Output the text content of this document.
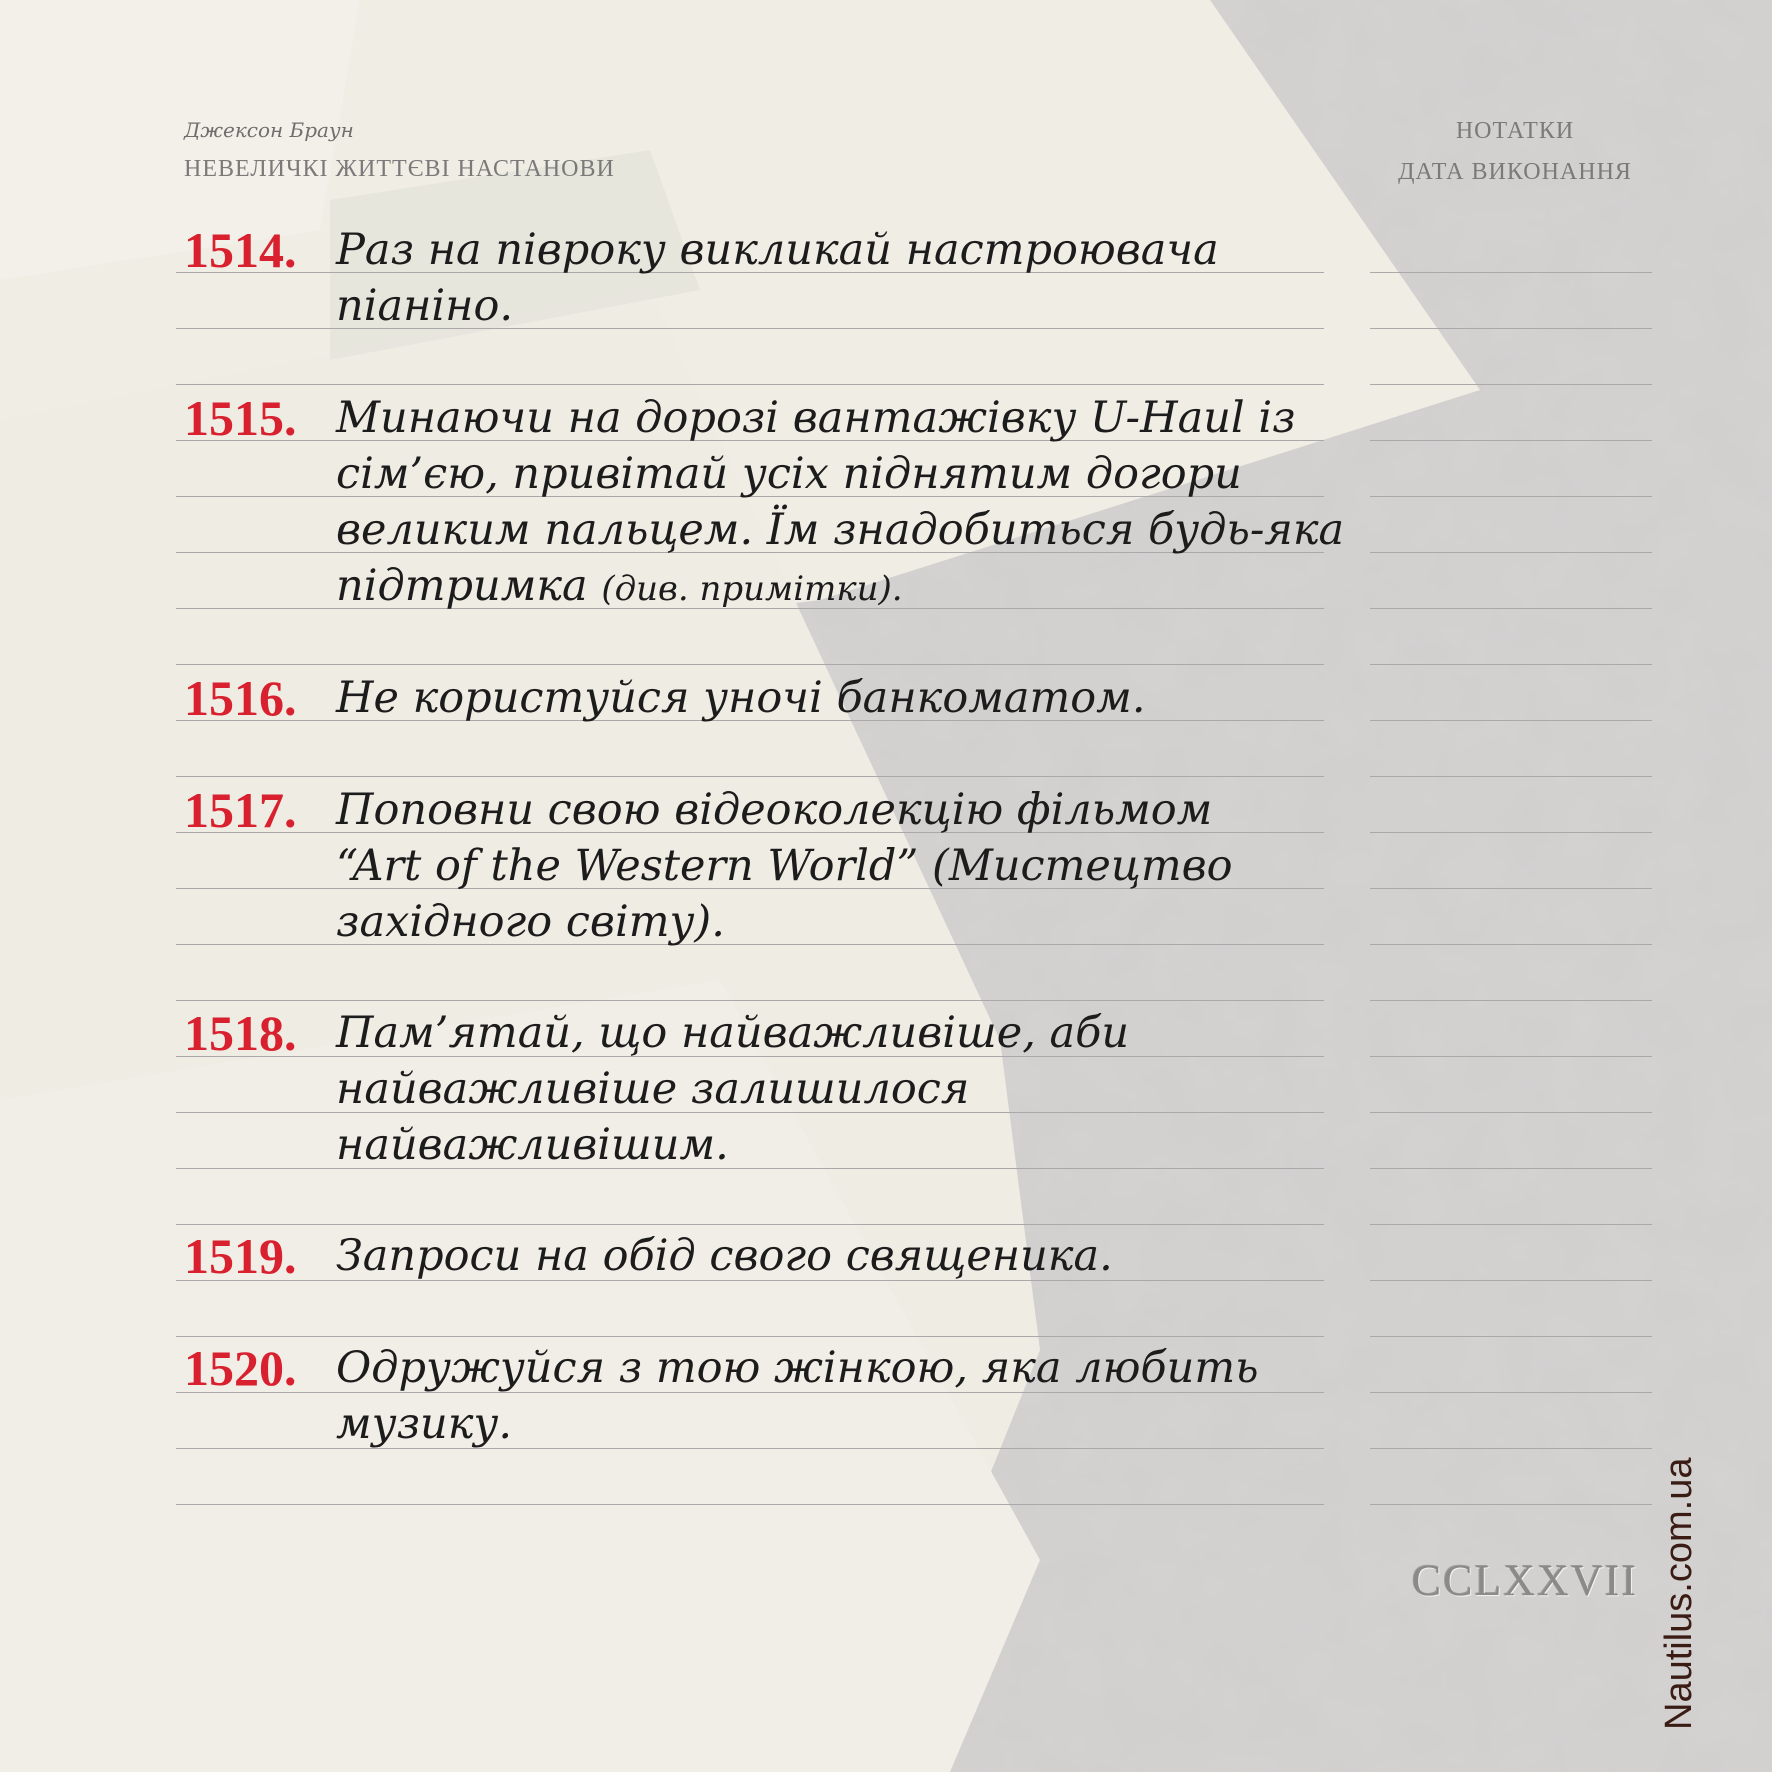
Джексон Браун
НЕВЕЛИЧКІ ЖИТТЄВІ НАСТАНОВИ
НОТАТКИ
ДАТА ВИКОНАННЯ
1514. Раз на півроку викликай настроювача
піаніно.
1515. Минаючи на дорозі вантажівку U-Haul із
сім’єю, привітай усіх піднятим догори
великим пальцем. Їм знадобиться будь-яка
підтримка (див. примітки).
1516. Не користуйся уночі банкоматом.
1517. Поповни свою відеоколекцію фільмом
“Art of the Western World” (Мистецтво
західного світу).
1518. Пам’ятай, що найважливіше, аби
найважливіше залишилося
найважливішим.
1519. Запроси на обід свого священика.
1520. Одружуйся з тою жінкою, яка любить
музику.
CCLXXVII Nautilus.com.ua
